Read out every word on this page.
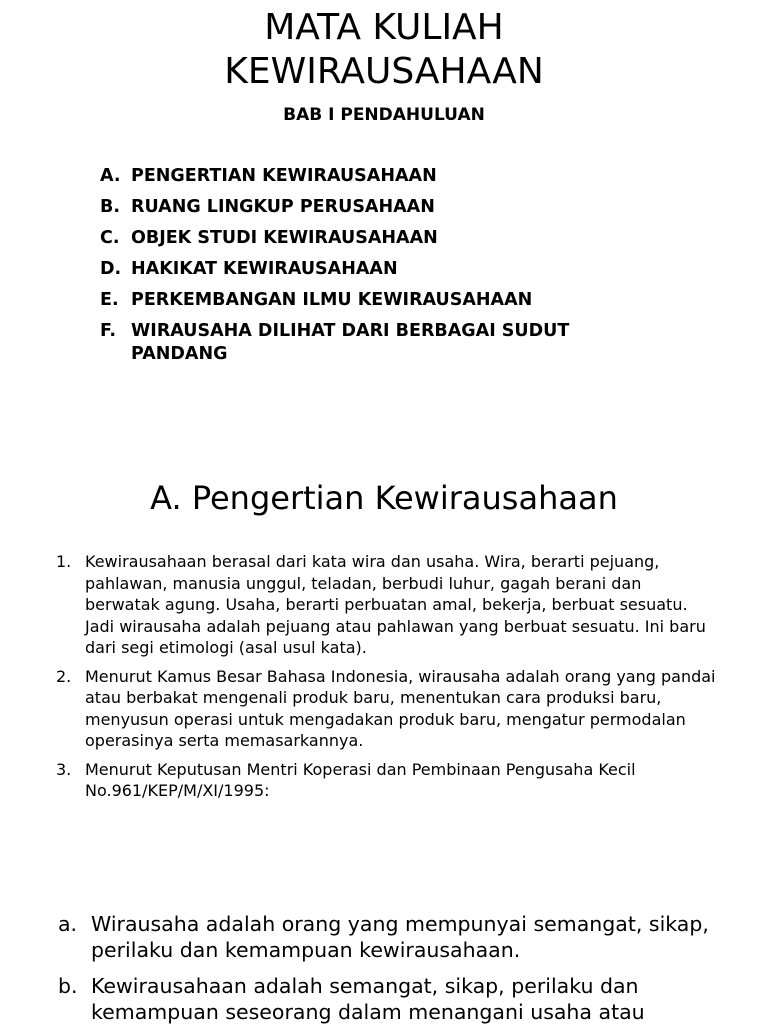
MATA KULIAH
KEWIRAUSAHAAN
BAB I PENDAHULUAN
A. PENGERTIAN KEWIRAUSAHAAN
B. RUANG LINGKUP PERUSAHAAN
C. OBJEK STUDI KEWIRAUSAHAAN
D. HAKIKAT KEWIRAUSAHAAN
E. PERKEMBANGAN ILMU KEWIRAUSAHAAN
F. WIRAUSAHA DILIHAT DARI BERBAGAI SUDUT PANDANG
A. Pengertian Kewirausahaan
1. Kewirausahaan berasal dari kata wira dan usaha. Wira, berarti pejuang, pahlawan, manusia unggul, teladan, berbudi luhur, gagah berani dan berwatak agung. Usaha, berarti perbuatan amal, bekerja, berbuat sesuatu. Jadi wirausaha adalah pejuang atau pahlawan yang berbuat sesuatu. Ini baru dari segi etimologi (asal usul kata).
2. Menurut Kamus Besar Bahasa Indonesia, wirausaha adalah orang yang pandai atau berbakat mengenali produk baru, menentukan cara produksi baru, menyusun operasi untuk mengadakan produk baru, mengatur permodalan operasinya serta memasarkannya.
3. Menurut Keputusan Mentri Koperasi dan Pembinaan Pengusaha Kecil No.961/KEP/M/XI/1995:
a. Wirausaha adalah orang yang mempunyai semangat, sikap, perilaku dan kemampuan kewirausahaan.
b. Kewirausahaan adalah semangat, sikap, perilaku dan kemampuan seseorang dalam menangani usaha atau
